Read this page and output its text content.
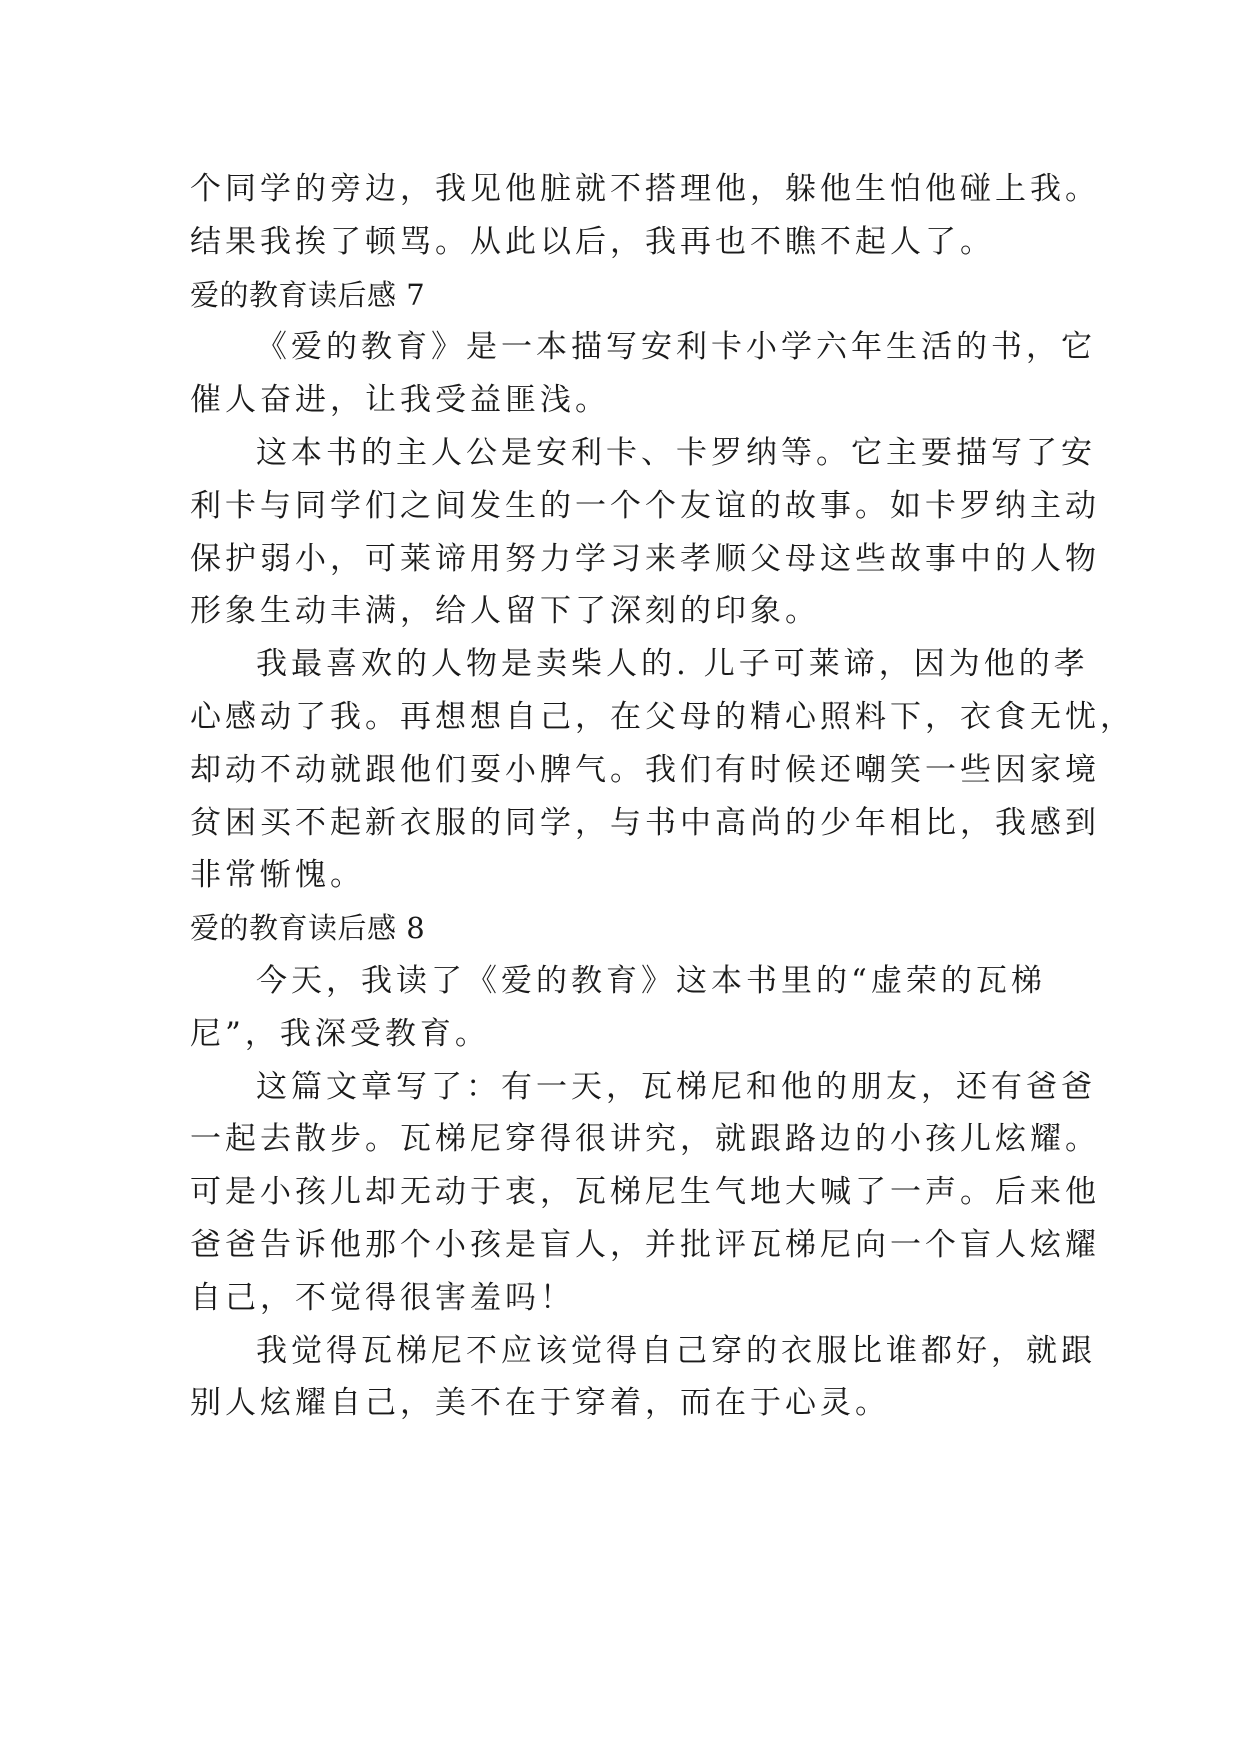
个同学的旁边，我见他脏就不搭理他，躲他生怕他碰上我。
结果我挨了顿骂。从此以后，我再也不瞧不起人了。
爱的教育读后感 7
《爱的教育》是一本描写安利卡小学六年生活的书，它
催人奋进，让我受益匪浅。
这本书的主人公是安利卡、卡罗纳等。它主要描写了安
利卡与同学们之间发生的一个个友谊的故事。如卡罗纳主动
保护弱小，可莱谛用努力学习来孝顺父母这些故事中的人物
形象生动丰满，给人留下了深刻的印象。
我最喜欢的人物是卖柴人的. 儿子可莱谛，因为他的孝
心感动了我。再想想自己，在父母的精心照料下，衣食无忧，
却动不动就跟他们耍小脾气。我们有时候还嘲笑一些因家境
贫困买不起新衣服的同学，与书中高尚的少年相比，我感到
非常惭愧。
爱的教育读后感 8
今天，我读了《爱的教育》这本书里的“虚荣的瓦梯
尼”，我深受教育。
这篇文章写了：有一天，瓦梯尼和他的朋友，还有爸爸
一起去散步。瓦梯尼穿得很讲究，就跟路边的小孩儿炫耀。
可是小孩儿却无动于衷，瓦梯尼生气地大喊了一声。后来他
爸爸告诉他那个小孩是盲人，并批评瓦梯尼向一个盲人炫耀
自己，不觉得很害羞吗！
我觉得瓦梯尼不应该觉得自己穿的衣服比谁都好，就跟
别人炫耀自己，美不在于穿着，而在于心灵。
